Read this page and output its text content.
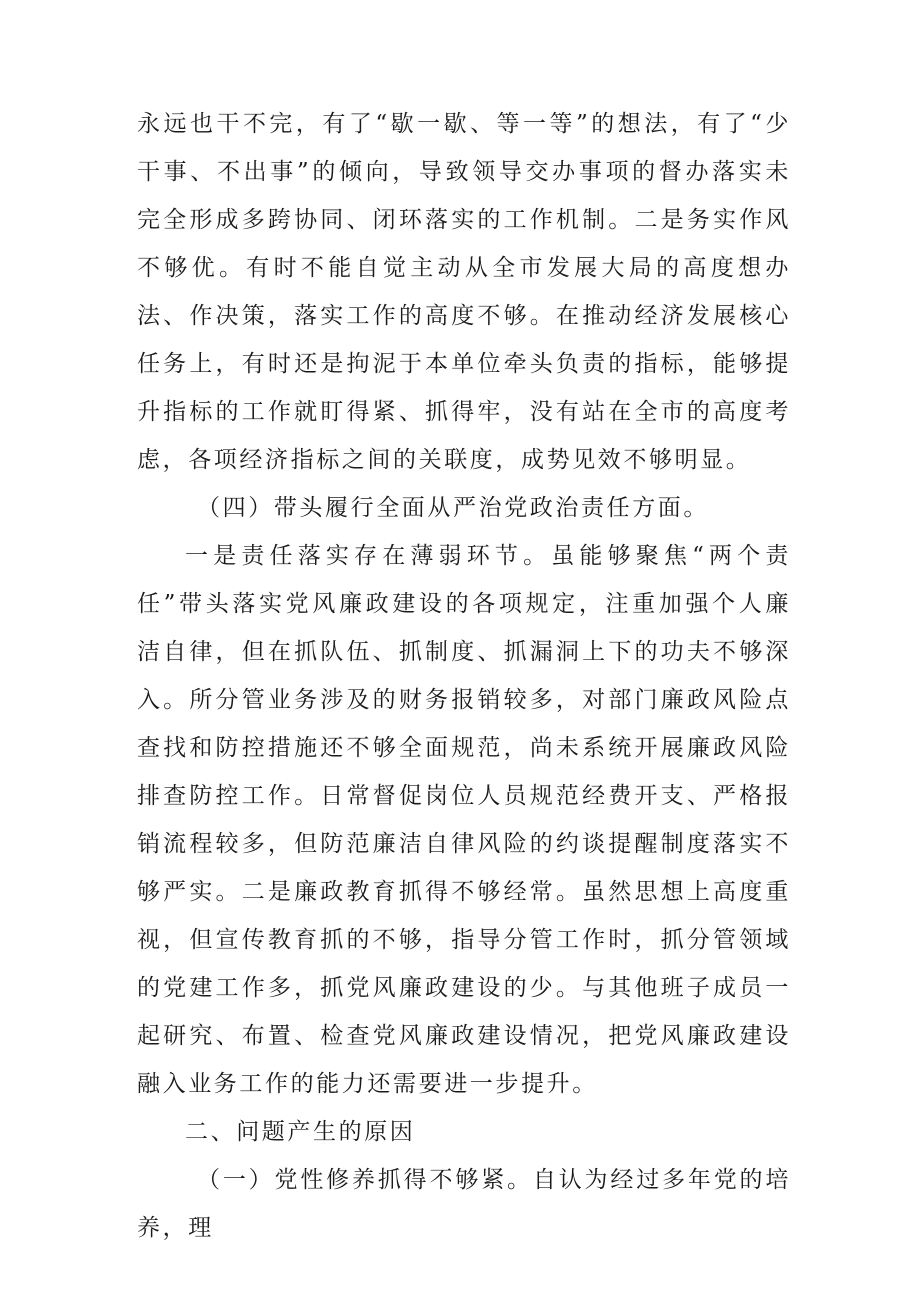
永远也干不完，有了“歇一歇、等一等”的想法，有了“少干事、不出事”的倾向，导致领导交办事项的督办落实未完全形成多跨协同、闭环落实的工作机制。二是务实作风不够优。有时不能自觉主动从全市发展大局的高度想办法、作决策，落实工作的高度不够。在推动经济发展核心任务上，有时还是拘泥于本单位牵头负责的指标，能够提升指标的工作就盯得紧、抓得牢，没有站在全市的高度考虑，各项经济指标之间的关联度，成势见效不够明显。

（四）带头履行全面从严治党政治责任方面。

一是责任落实存在薄弱环节。虽能够聚焦“两个责任”带头落实党风廉政建设的各项规定，注重加强个人廉洁自律，但在抓队伍、抓制度、抓漏洞上下的功夫不够深入。所分管业务涉及的财务报销较多，对部门廉政风险点查找和防控措施还不够全面规范，尚未系统开展廉政风险排查防控工作。日常督促岗位人员规范经费开支、严格报销流程较多，但防范廉洁自律风险的约谈提醒制度落实不够严实。二是廉政教育抓得不够经常。虽然思想上高度重视，但宣传教育抓的不够，指导分管工作时，抓分管领域的党建工作多，抓党风廉政建设的少。与其他班子成员一起研究、布置、检查党风廉政建设情况，把党风廉政建设融入业务工作的能力还需要进一步提升。

二、问题产生的原因

（一）党性修养抓得不够紧。自认为经过多年党的培养，理
